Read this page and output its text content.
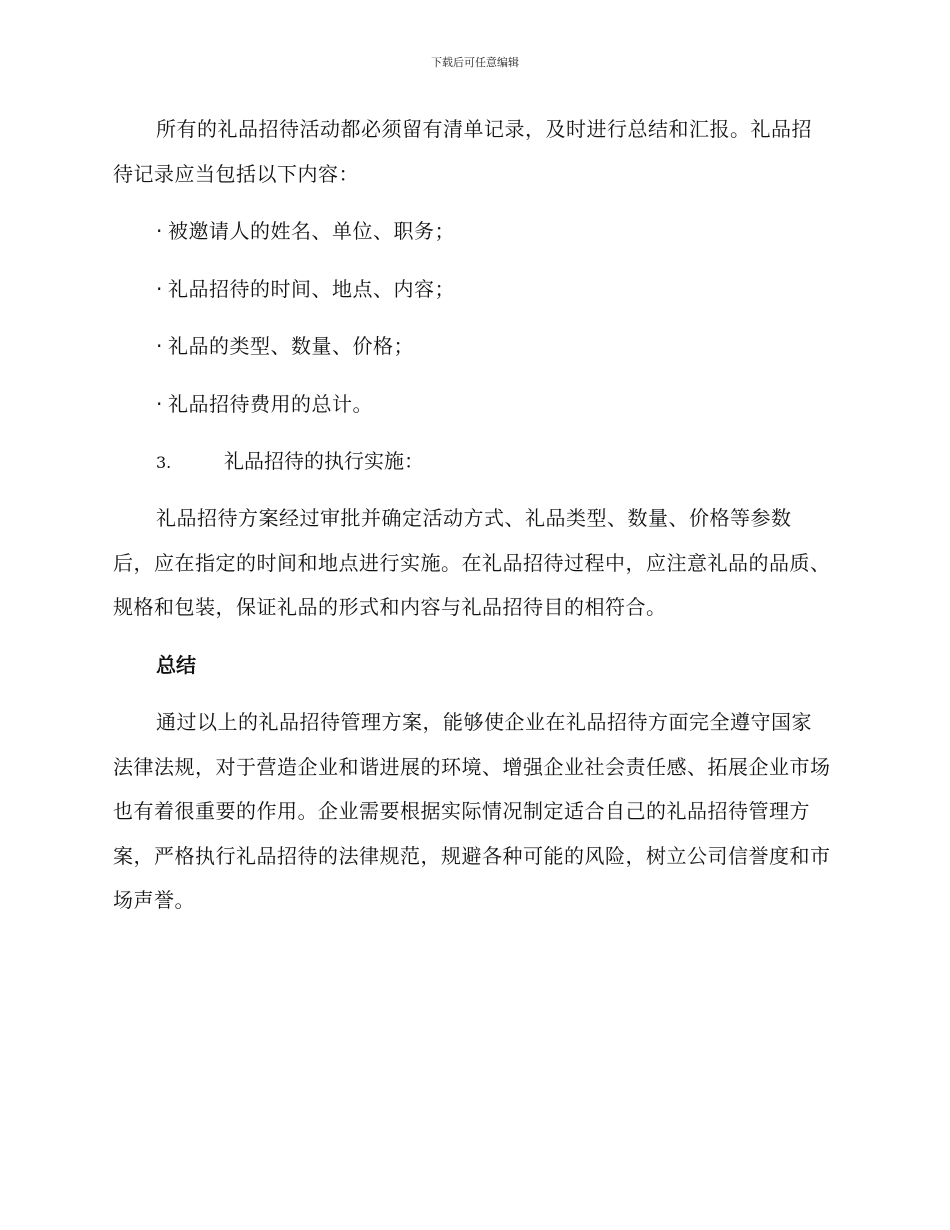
下载后可任意编辑

所有的礼品招待活动都必须留有清单记录，及时进行总结和汇报。礼品招待记录应当包括以下内容：

· 被邀请人的姓名、单位、职务；
· 礼品招待的时间、地点、内容；
· 礼品的类型、数量、价格；
· 礼品招待费用的总计。
3.	礼品招待的执行实施：

礼品招待方案经过审批并确定活动方式、礼品类型、数量、价格等参数后，应在指定的时间和地点进行实施。在礼品招待过程中，应注意礼品的品质、规格和包装，保证礼品的形式和内容与礼品招待目的相符合。

总结

通过以上的礼品招待管理方案，能够使企业在礼品招待方面完全遵守国家法律法规，对于营造企业和谐进展的环境、增强企业社会责任感、拓展企业市场也有着很重要的作用。企业需要根据实际情况制定适合自己的礼品招待管理方案，严格执行礼品招待的法律规范，规避各种可能的风险，树立公司信誉度和市场声誉。
